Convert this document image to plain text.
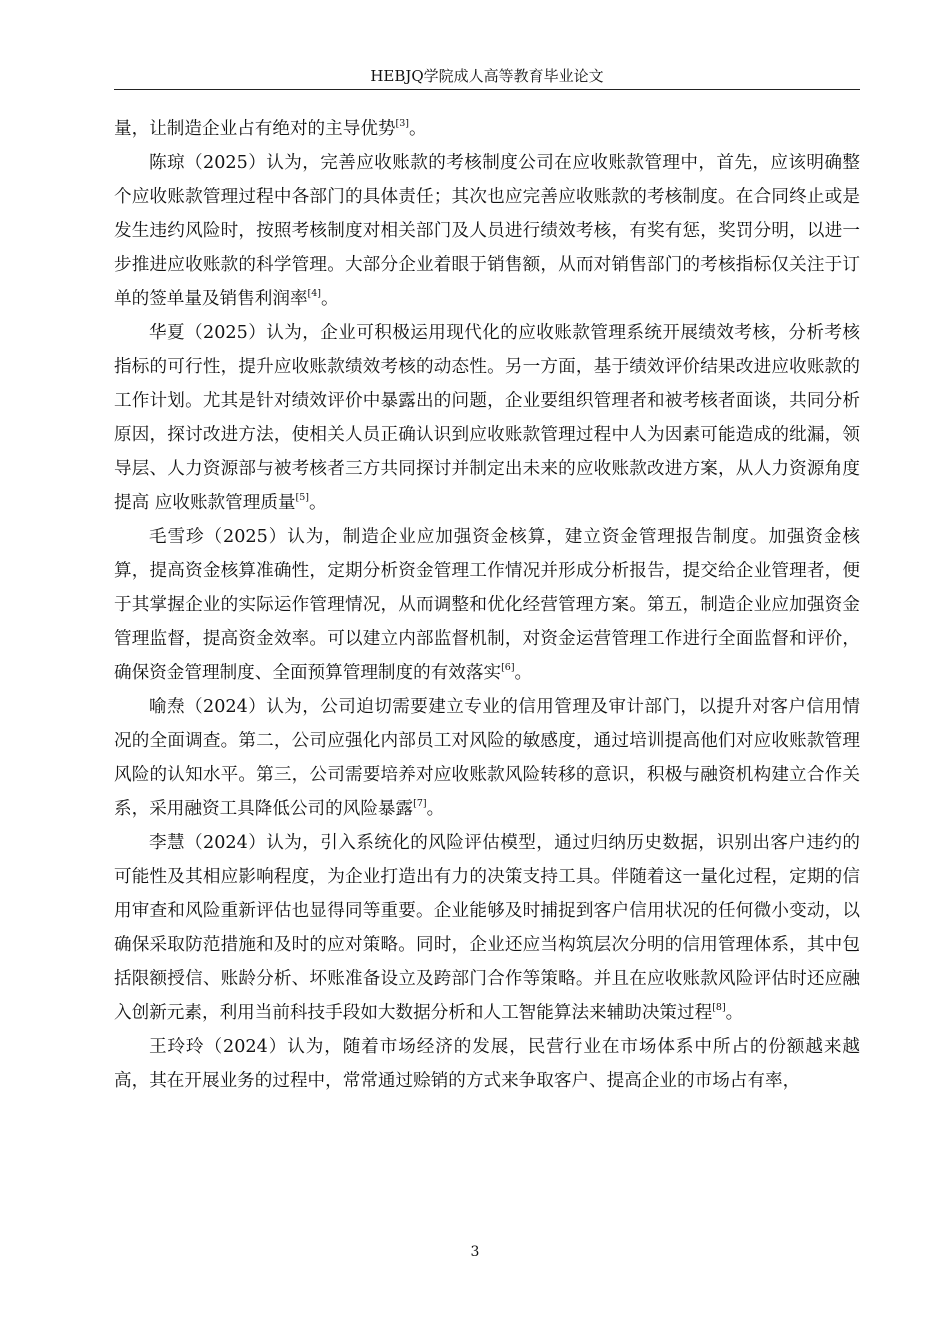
HEBJQ学院成人高等教育毕业论文

量，让制造企业占有绝对的主导优势[3]。

陈琼（2025）认为，完善应收账款的考核制度公司在应收账款管理中，首先，应该明确整个应收账款管理过程中各部门的具体责任；其次也应完善应收账款的考核制度。在合同终止或是发生违约风险时，按照考核制度对相关部门及人员进行绩效考核，有奖有惩，奖罚分明，以进一步推进应收账款的科学管理。大部分企业着眼于销售额，从而对销售部门的考核指标仅关注于订单的签单量及销售利润率[4]。

华夏（2025）认为，企业可积极运用现代化的应收账款管理系统开展绩效考核，分析考核指标的可行性，提升应收账款绩效考核的动态性。另一方面，基于绩效评价结果改进应收账款的工作计划。尤其是针对绩效评价中暴露出的问题，企业要组织管理者和被考核者面谈，共同分析原因，探讨改进方法，使相关人员正确认识到应收账款管理过程中人为因素可能造成的纰漏，领导层、人力资源部与被考核者三方共同探讨并制定出未来的应收账款改进方案，从人力资源角度提高 应收账款管理质量[5]。

毛雪珍（2025）认为，制造企业应加强资金核算，建立资金管理报告制度。加强资金核算，提高资金核算准确性，定期分析资金管理工作情况并形成分析报告，提交给企业管理者，便于其掌握企业的实际运作管理情况，从而调整和优化经营管理方案。第五，制造企业应加强资金管理监督，提高资金效率。可以建立内部监督机制，对资金运营管理工作进行全面监督和评价，确保资金管理制度、全面预算管理制度的有效落实[6]。

喻焘（2024）认为，公司迫切需要建立专业的信用管理及审计部门，以提升对客户信用情况的全面调查。第二，公司应强化内部员工对风险的敏感度，通过培训提高他们对应收账款管理风险的认知水平。第三，公司需要培养对应收账款风险转移的意识，积极与融资机构建立合作关系，采用融资工具降低公司的风险暴露[7]。

李慧（2024）认为，引入系统化的风险评估模型，通过归纳历史数据，识别出客户违约的可能性及其相应影响程度，为企业打造出有力的决策支持工具。伴随着这一量化过程，定期的信用审查和风险重新评估也显得同等重要。企业能够及时捕捉到客户信用状况的任何微小变动，以确保采取防范措施和及时的应对策略。同时，企业还应当构筑层次分明的信用管理体系，其中包括限额授信、账龄分析、坏账准备设立及跨部门合作等策略。并且在应收账款风险评估时还应融入创新元素，利用当前科技手段如大数据分析和人工智能算法来辅助决策过程[8]。

王玲玲（2024）认为，随着市场经济的发展，民营行业在市场体系中所占的份额越来越高，其在开展业务的过程中，常常通过赊销的方式来争取客户、提高企业的市场占有率，

3
